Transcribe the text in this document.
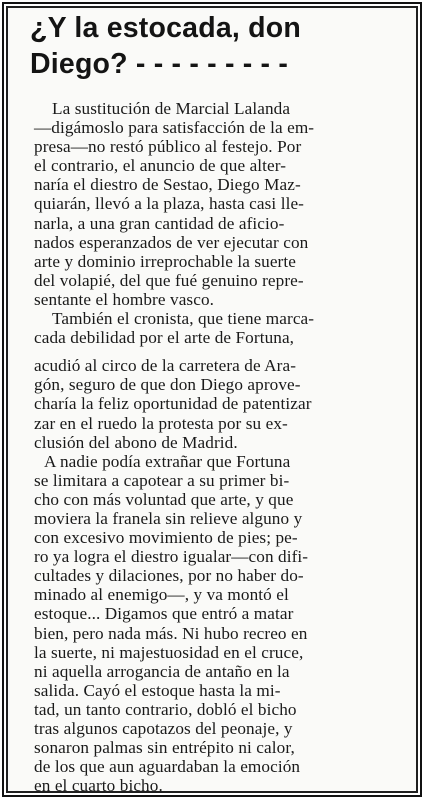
¿Y la estocada, don
Diego? - - - - - - - - -
La sustitución de Marcial Lalanda
—digámoslo para satisfacción de la em-
presa—no restó público al festejo. Por
el contrario, el anuncio de que alter-
naría el diestro de Sestao, Diego Maz-
quiarán, llevó a la plaza, hasta casi lle-
narla, a una gran cantidad de aficio-
nados esperanzados de ver ejecutar con
arte y dominio irreprochable la suerte
del volapié, del que fué genuino repre-
sentante el hombre vasco.
También el cronista, que tiene marca-
cada debilidad por el arte de Fortuna,
acudió al circo de la carretera de Ara-
gón, seguro de que don Diego aprove-
charía la feliz oportunidad de patentizar
zar en el ruedo la protesta por su ex-
clusión del abono de Madrid.
A nadie podía extrañar que Fortuna
se limitara a capotear a su primer bi-
cho con más voluntad que arte, y que
moviera la franela sin relieve alguno y
con excesivo movimiento de pies; pe-
ro ya logra el diestro igualar—con difi-
cultades y dilaciones, por no haber do-
minado al enemigo—, y va montó el
estoque... Digamos que entró a matar
bien, pero nada más. Ni hubo recreo en
la suerte, ni majestuosidad en el cruce,
ni aquella arrogancia de antaño en la
salida. Cayó el estoque hasta la mi-
tad, un tanto contrario, dobló el bicho
tras algunos capotazos del peonaje, y
sonaron palmas sin entrépito ni calor,
de los que aun aguardaban la emoción
en el cuarto bicho.
